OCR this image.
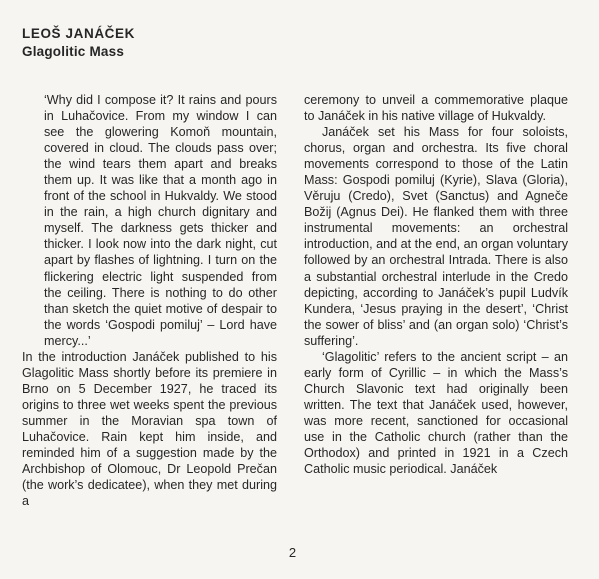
LEOŠ JANÁČEK
Glagolitic Mass

‘Why did I compose it? It rains and pours in Luhačovice. From my window I can see the glowering Komoň mountain, covered in cloud. The clouds pass over; the wind tears them apart and breaks them up. It was like that a month ago in front of the school in Hukvaldy. We stood in the rain, a high church dignitary and myself. The darkness gets thicker and thicker. I look now into the dark night, cut apart by flashes of lightning. I turn on the flickering electric light suspended from the ceiling. There is nothing to do other than sketch the quiet motive of despair to the words ‘Gospodi pomiluj’ – Lord have mercy...’

In the introduction Janáček published to his Glagolitic Mass shortly before its premiere in Brno on 5 December 1927, he traced its origins to three wet weeks spent the previous summer in the Moravian spa town of Luhačovice. Rain kept him inside, and reminded him of a suggestion made by the Archbishop of Olomouc, Dr Leopold Prečan (the work’s dedicatee), when they met during a

ceremony to unveil a commemorative plaque to Janáček in his native village of Hukvaldy.

Janáček set his Mass for four soloists, chorus, organ and orchestra. Its five choral movements correspond to those of the Latin Mass: Gospodi pomiluj (Kyrie), Slava (Gloria), Věruju (Credo), Svet (Sanctus) and Agneče Božij (Agnus Dei). He flanked them with three instrumental movements: an orchestral introduction, and at the end, an organ voluntary followed by an orchestral Intrada. There is also a substantial orchestral interlude in the Credo depicting, according to Janáček’s pupil Ludvík Kundera, ‘Jesus praying in the desert’, ‘Christ the sower of bliss’ and (an organ solo) ‘Christ’s suffering’.

‘Glagolitic’ refers to the ancient script – an early form of Cyrillic – in which the Mass’s Church Slavonic text had originally been written. The text that Janáček used, however, was more recent, sanctioned for occasional use in the Catholic church (rather than the Orthodox) and printed in 1921 in a Czech Catholic music periodical. Janáček

2
